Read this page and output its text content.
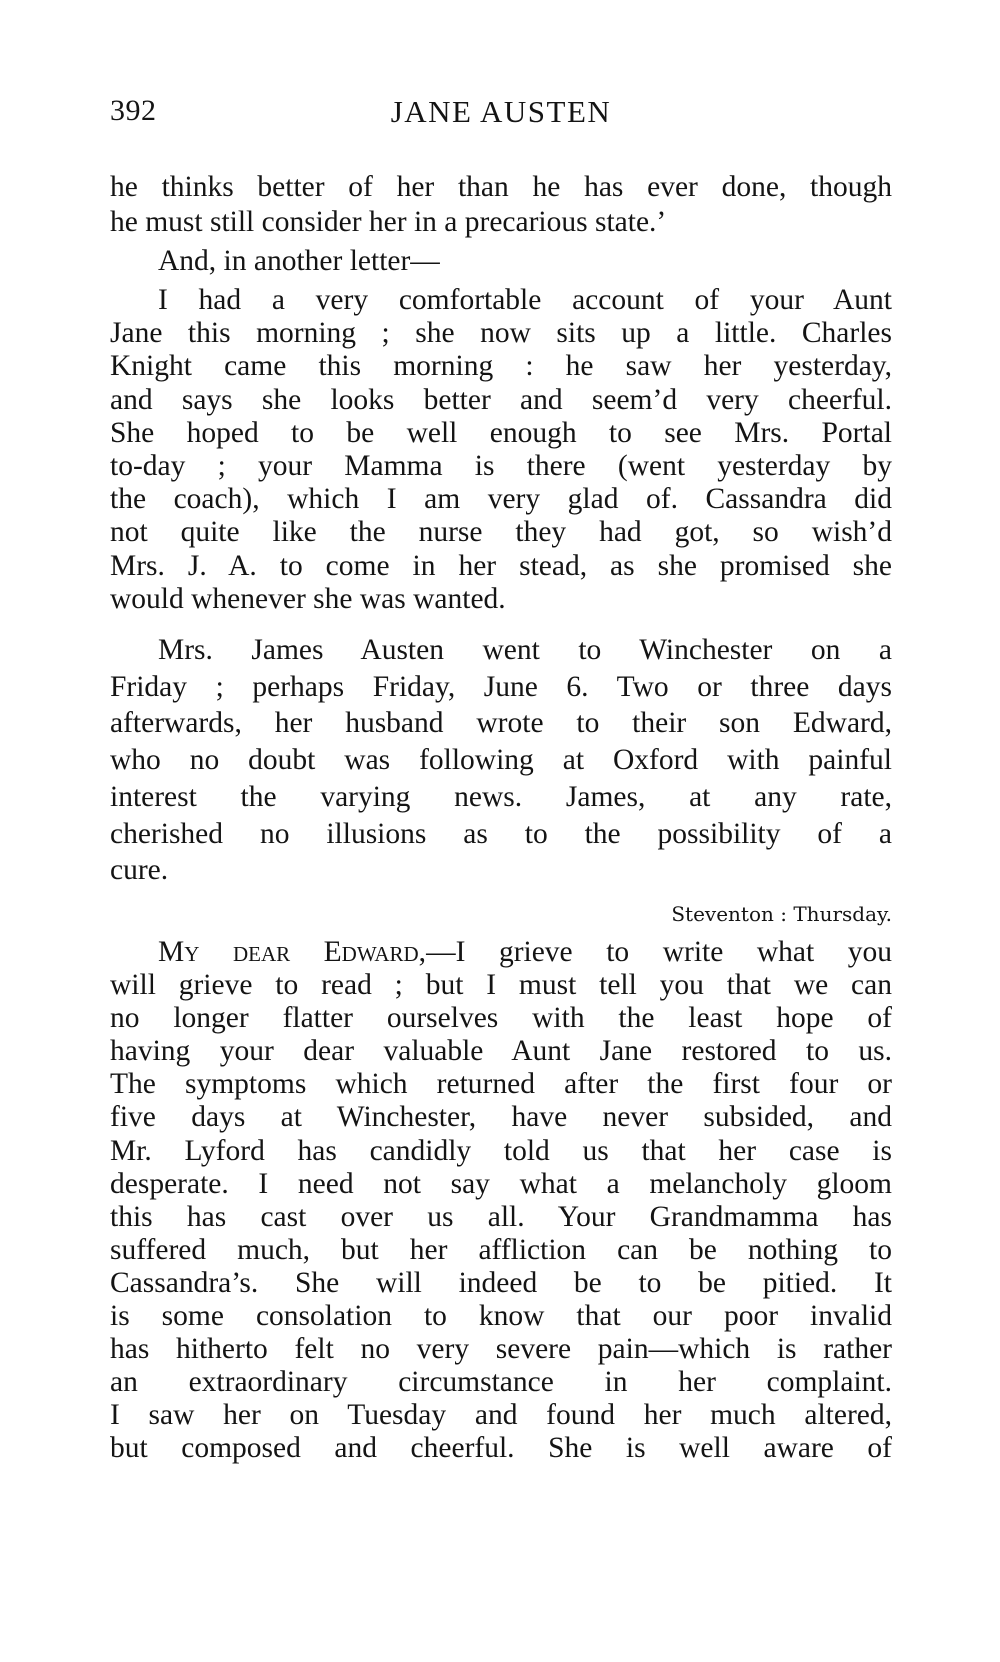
392	JANE AUSTEN
he thinks better of her than he has ever done, though
he must still consider her in a precarious state.’
And, in another letter—
I had a very comfortable account of your Aunt
Jane this morning ; she now sits up a little. Charles
Knight came this morning : he saw her yesterday,
and says she looks better and seem’d very cheerful.
She hoped to be well enough to see Mrs. Portal
to-day ; your Mamma is there (went yesterday by
the coach), which I am very glad of. Cassandra did
not quite like the nurse they had got, so wish’d
Mrs. J. A. to come in her stead, as she promised she
would whenever she was wanted.
Mrs. James Austen went to Winchester on a
Friday ; perhaps Friday, June 6. Two or three days
afterwards, her husband wrote to their son Edward,
who no doubt was following at Oxford with painful
interest the varying news. James, at any rate,
cherished no illusions as to the possibility of a
cure.
Steventon : Thursday.
My dear Edward,—I grieve to write what you
will grieve to read ; but I must tell you that we can
no longer flatter ourselves with the least hope of
having your dear valuable Aunt Jane restored to us.
The symptoms which returned after the first four or
five days at Winchester, have never subsided, and
Mr. Lyford has candidly told us that her case is
desperate. I need not say what a melancholy gloom
this has cast over us all. Your Grandmamma has
suffered much, but her affliction can be nothing to
Cassandra’s. She will indeed be to be pitied. It
is some consolation to know that our poor invalid
has hitherto felt no very severe pain—which is rather
an extraordinary circumstance in her complaint.
I saw her on Tuesday and found her much altered,
but composed and cheerful. She is well aware of
